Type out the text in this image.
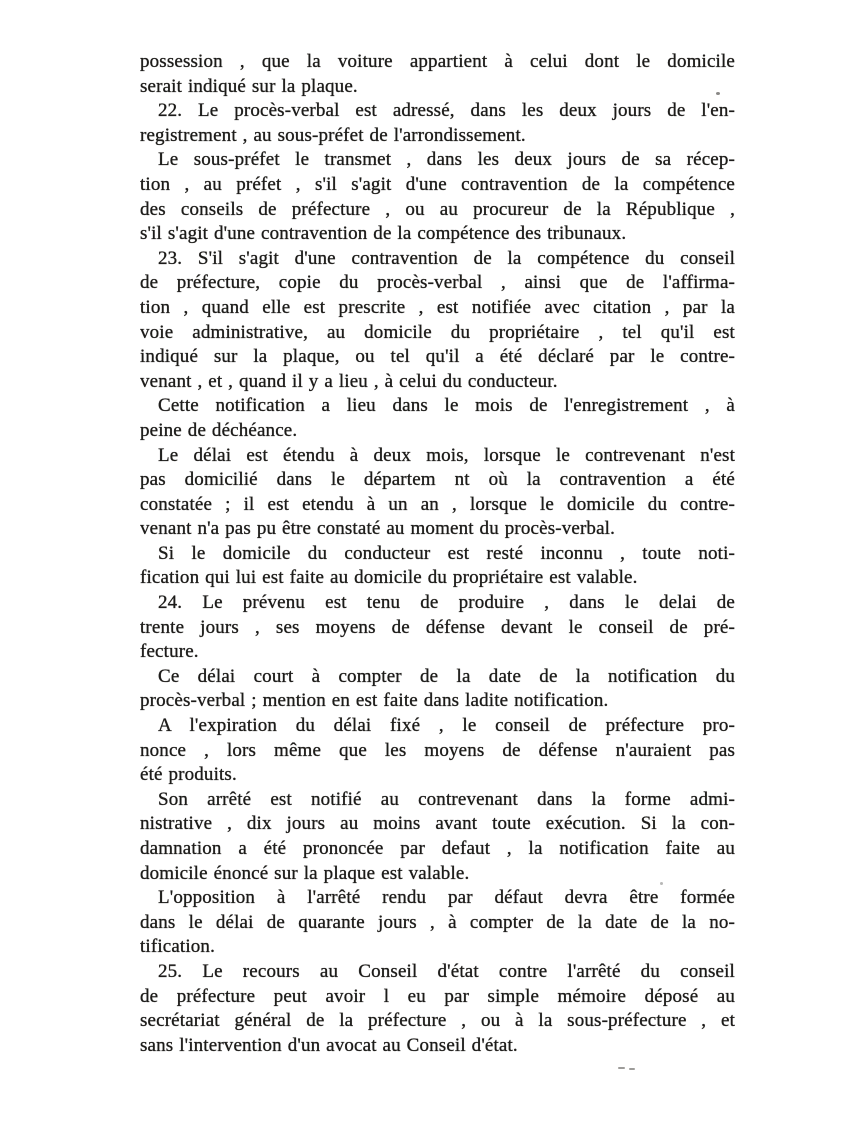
possession , que la voiture appartient à celui dont le domicile
serait indiqué sur la plaque.
22. Le procès-verbal est adressé, dans les deux jours de l'en-
registrement , au sous-préfet de l'arrondissement.
Le sous-préfet le transmet , dans les deux jours de sa récep-
tion , au préfet , s'il s'agit d'une contravention de la compétence
des conseils de préfecture , ou au procureur de la République ,
s'il s'agit d'une contravention de la compétence des tribunaux.
23. S'il s'agit d'une contravention de la compétence du conseil
de préfecture, copie du procès-verbal , ainsi que de l'affirma-
tion , quand elle est prescrite , est notifiée avec citation , par la
voie administrative, au domicile du propriétaire , tel qu'il est
indiqué sur la plaque, ou tel qu'il a été déclaré par le contre-
venant , et , quand il y a lieu , à celui du conducteur.
Cette notification a lieu dans le mois de l'enregistrement , à
peine de déchéance.
Le délai est étendu à deux mois, lorsque le contrevenant n'est
pas domicilié dans le départem nt où la contravention a été
constatée ; il est etendu à un an , lorsque le domicile du contre-
venant n'a pas pu être constaté au moment du procès-verbal.
Si le domicile du conducteur est resté inconnu , toute noti-
fication qui lui est faite au domicile du propriétaire est valable.
24. Le prévenu est tenu de produire , dans le delai de
trente jours , ses moyens de défense devant le conseil de pré-
fecture.
Ce délai court à compter de la date de la notification du
procès-verbal ; mention en est faite dans ladite notification.
A l'expiration du délai fixé , le conseil de préfecture pro-
nonce , lors même que les moyens de défense n'auraient pas
été produits.
Son arrêté est notifié au contrevenant dans la forme admi-
nistrative , dix jours au moins avant toute exécution. Si la con-
damnation a été prononcée par defaut , la notification faite au
domicile énoncé sur la plaque est valable.
L'opposition à l'arrêté rendu par défaut devra être formée
dans le délai de quarante jours , à compter de la date de la no-
tification.
25. Le recours au Conseil d'état contre l'arrêté du conseil
de préfecture peut avoir l eu par simple mémoire déposé au
secrétariat général de la préfecture , ou à la sous-préfecture , et
sans l'intervention d'un avocat au Conseil d'état.
